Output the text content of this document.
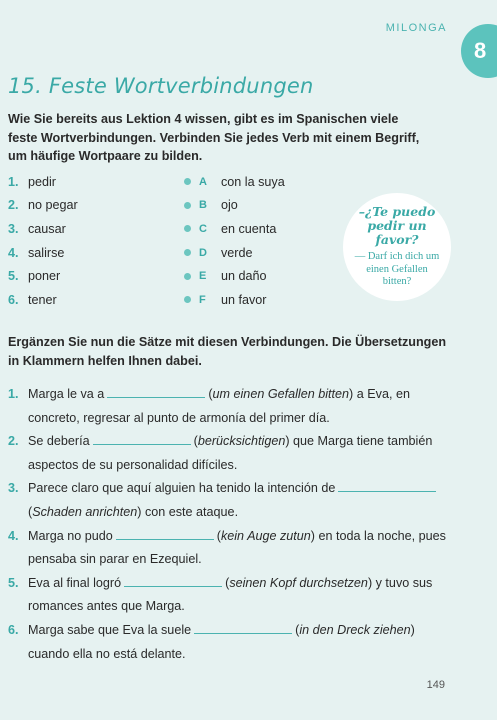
MILONGA
8
15. Feste Wortverbindungen

Wie Sie bereits aus Lektion 4 wissen, gibt es im Spanischen viele feste Wortverbindungen. Verbinden Sie jedes Verb mit einem Begriff, um häufige Wortpaare zu bilden.

1. pedir
2. no pegar
3. causar
4. salirse
5. poner
6. tener
A	con la suya
B	ojo
C	en cuenta
D	verde
E	un daño
F	un favor
–¿Te puedo pedir un favor?
— Darf ich dich um einen Gefallen bitten?

Ergänzen Sie nun die Sätze mit diesen Verbindungen. Die Übersetzungen in Klammern helfen Ihnen dabei.

1. Marga le va a	(um einen Gefallen bitten) a Eva, en concreto, regresar al punto de armonía del primer día.
2. Se debería	(berücksichtigen) que Marga tiene también aspectos de su personalidad difíciles.
3. Parece claro que aquí alguien ha tenido la intención de(Schaden anrichten) con este ataque.
4. Marga no pudo	(kein Auge zutun) en toda la noche, pues pensaba sin parar en Ezequiel.
5. Eva al final logró	(seinen Kopf durchsetzen) y tuvo sus romances antes que Marga.
6. Marga sabe que Eva la suele	(in den Dreck ziehen) cuando ella no está delante.
149
